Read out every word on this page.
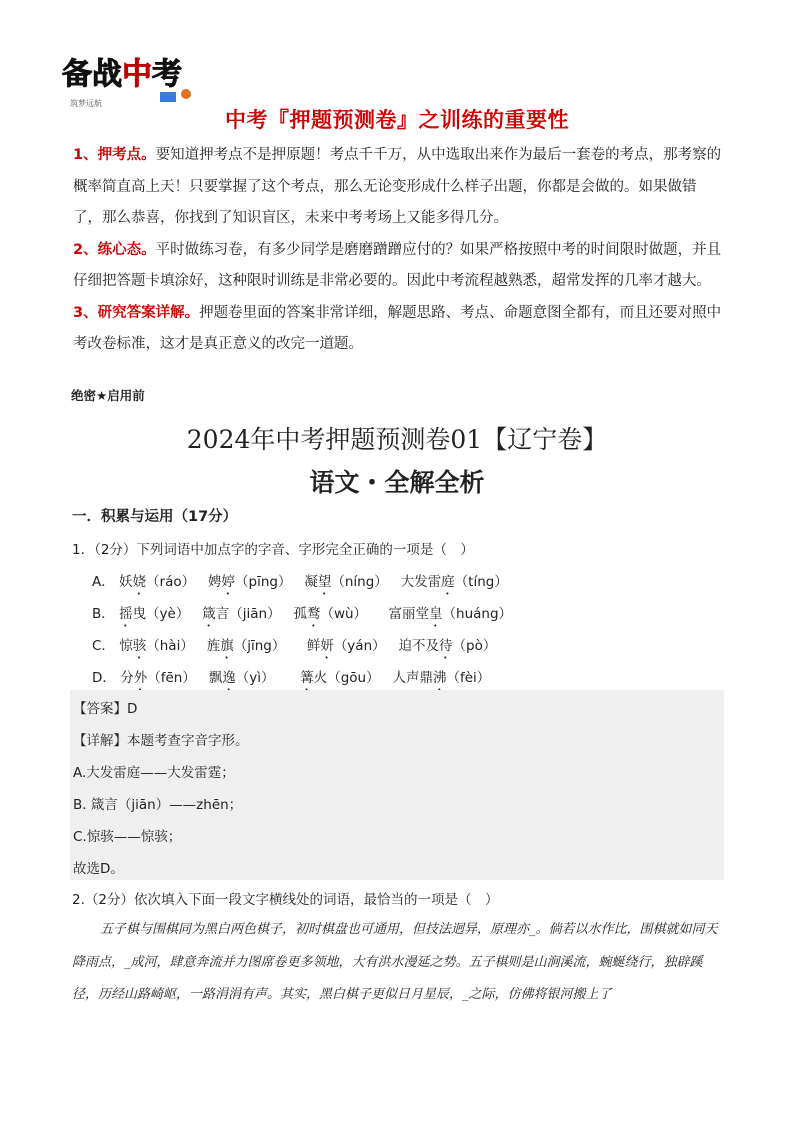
备战 中 考
筑梦远航
中考『押题预测卷』之训练的重要性

1、押考点。要知道押考点不是押原题！考点千千万，从中选取出来作为最后一套卷的考点，那考察的概率简直高上天！只要掌握了这个考点，那么无论变形成什么样子出题，你都是会做的。如果做错了，那么恭喜，你找到了知识盲区，未来中考考场上又能多得几分。

2、练心态。平时做练习卷，有多少同学是磨磨蹭蹭应付的？如果严格按照中考的时间限时做题，并且仔细把答题卡填涂好，这种限时训练是非常必要的。因此中考流程越熟悉，超常发挥的几率才越大。

3、研究答案详解。押题卷里面的答案非常详细，解题思路、考点、命题意图全都有，而且还要对照中考改卷标准，这才是真正意义的改完一道题。

绝密★启用前
2024年中考押题预测卷01【辽宁卷】
语文・全解全析
一．积累与运用（17分）
1．（2分）下列词语中加点字的字音、字形完全正确的一项是（　）
A． 妖娆（ráo） 娉婷（pīng） 凝望（níng） 大发雷庭（tíng）
B． 摇曳（yè） 箴言（jiān） 孤鹜（wù） 富丽堂皇（huáng）
C． 惊骇（hài） 旌旗（jīng） 鲜妍（yán） 迫不及待（pò）
D． 分外（fēn） 飘逸（yì） 篝火（gōu） 人声鼎沸（fèi）
【答案】D
【详解】本题考查字音字形。
A.大发雷庭——大发雷霆；
B. 箴言（jiān）——zhēn；
C.惊骇——惊骇；
故选D。
2.（2分）依次填入下面一段文字横线处的词语，最恰当的一项是（　）

五子棋与围棋同为黑白两色棋子，初时棋盘也可通用，但技法迥异，原理亦_。倘若以水作比，围棋就如同天降雨点，_成河，肆意奔流并力图席卷更多领地，大有洪水漫延之势。五子棋则是山涧溪流，蜿蜒绕行，独辟蹊径，历经山路崎岖，一路涓涓有声。其实，黑白棋子更似日月星辰，_之际，仿佛将银河搬上了
